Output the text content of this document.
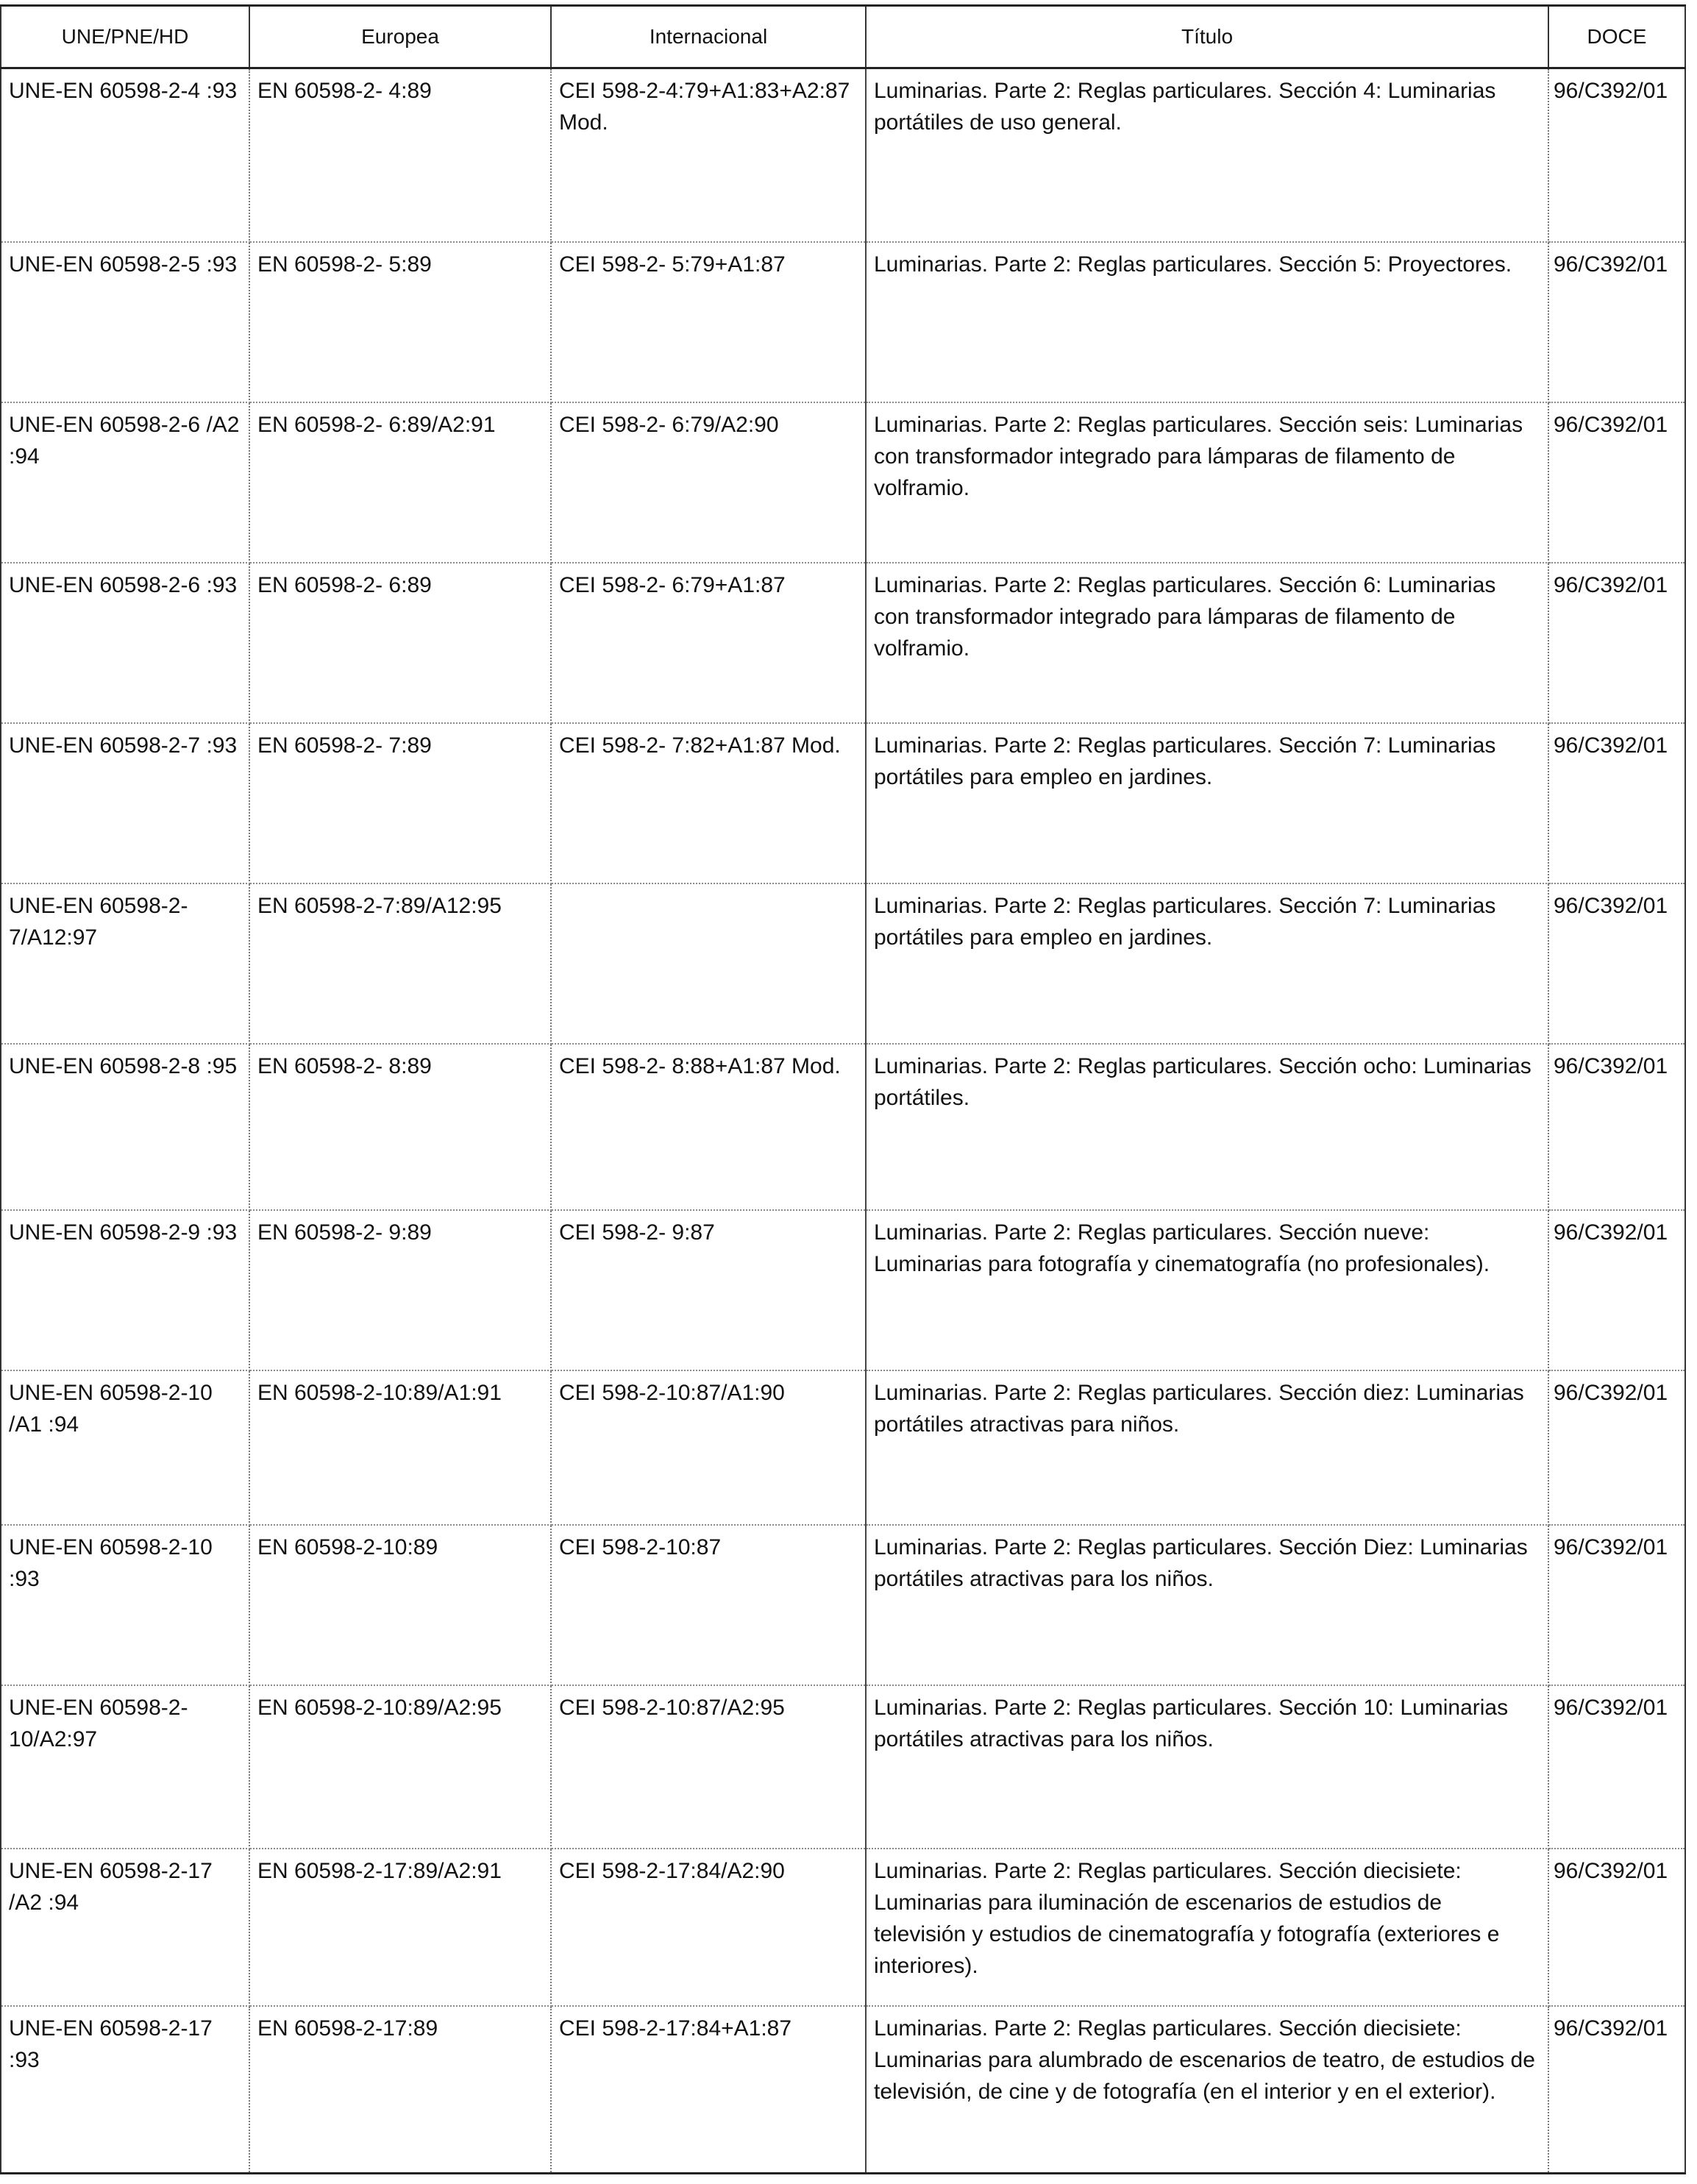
UNE/PNE/HD	Europea	Internacional	Título	DOCE
UNE-EN 60598-2-4 :93	EN 60598-2- 4:89	CEI 598-2-4:79+A1:83+A2:87 Mod.	Luminarias. Parte 2: Reglas particulares. Sección 4: Luminarias portátiles de uso general.	96/C392/01
UNE-EN 60598-2-5 :93	EN 60598-2- 5:89	CEI 598-2- 5:79+A1:87	Luminarias. Parte 2: Reglas particulares. Sección 5: Proyectores.	96/C392/01
UNE-EN 60598-2-6 /A2 :94	EN 60598-2- 6:89/A2:91	CEI 598-2- 6:79/A2:90	Luminarias. Parte 2: Reglas particulares. Sección seis: Luminarias con transformador integrado para lámparas de filamento de volframio.	96/C392/01
UNE-EN 60598-2-6 :93	EN 60598-2- 6:89	CEI 598-2- 6:79+A1:87	Luminarias. Parte 2: Reglas particulares. Sección 6: Luminarias con transformador integrado para lámparas de filamento de volframio.	96/C392/01
UNE-EN 60598-2-7 :93	EN 60598-2- 7:89	CEI 598-2- 7:82+A1:87 Mod.	Luminarias. Parte 2: Reglas particulares. Sección 7: Luminarias portátiles para empleo en jardines.	96/C392/01
UNE-EN 60598-2-7/A12:97	EN 60598-2-7:89/A12:95		Luminarias. Parte 2: Reglas particulares. Sección 7: Luminarias portátiles para empleo en jardines.	96/C392/01
UNE-EN 60598-2-8 :95	EN 60598-2- 8:89	CEI 598-2- 8:88+A1:87 Mod.	Luminarias. Parte 2: Reglas particulares. Sección ocho: Luminarias portátiles.	96/C392/01
UNE-EN 60598-2-9 :93	EN 60598-2- 9:89	CEI 598-2- 9:87	Luminarias. Parte 2: Reglas particulares. Sección nueve: Luminarias para fotografía y cinematografía (no profesionales).	96/C392/01
UNE-EN 60598-2-10 /A1 :94	EN 60598-2-10:89/A1:91	CEI 598-2-10:87/A1:90	Luminarias. Parte 2: Reglas particulares. Sección diez: Luminarias portátiles atractivas para niños.	96/C392/01
UNE-EN 60598-2-10 :93	EN 60598-2-10:89	CEI 598-2-10:87	Luminarias. Parte 2: Reglas particulares. Sección Diez: Luminarias portátiles atractivas para los niños.	96/C392/01
UNE-EN 60598-2-10/A2:97	EN 60598-2-10:89/A2:95	CEI 598-2-10:87/A2:95	Luminarias. Parte 2: Reglas particulares. Sección 10: Luminarias portátiles atractivas para los niños.	96/C392/01
UNE-EN 60598-2-17 /A2 :94	EN 60598-2-17:89/A2:91	CEI 598-2-17:84/A2:90	Luminarias. Parte 2: Reglas particulares. Sección diecisiete: Luminarias para iluminación de escenarios de estudios de televisión y estudios de cinematografía y fotografía (exteriores e interiores).	96/C392/01
UNE-EN 60598-2-17 :93	EN 60598-2-17:89	CEI 598-2-17:84+A1:87	Luminarias. Parte 2: Reglas particulares. Sección diecisiete: Luminarias para alumbrado de escenarios de teatro, de estudios de televisión, de cine y de fotografía (en el interior y en el exterior).	96/C392/01
